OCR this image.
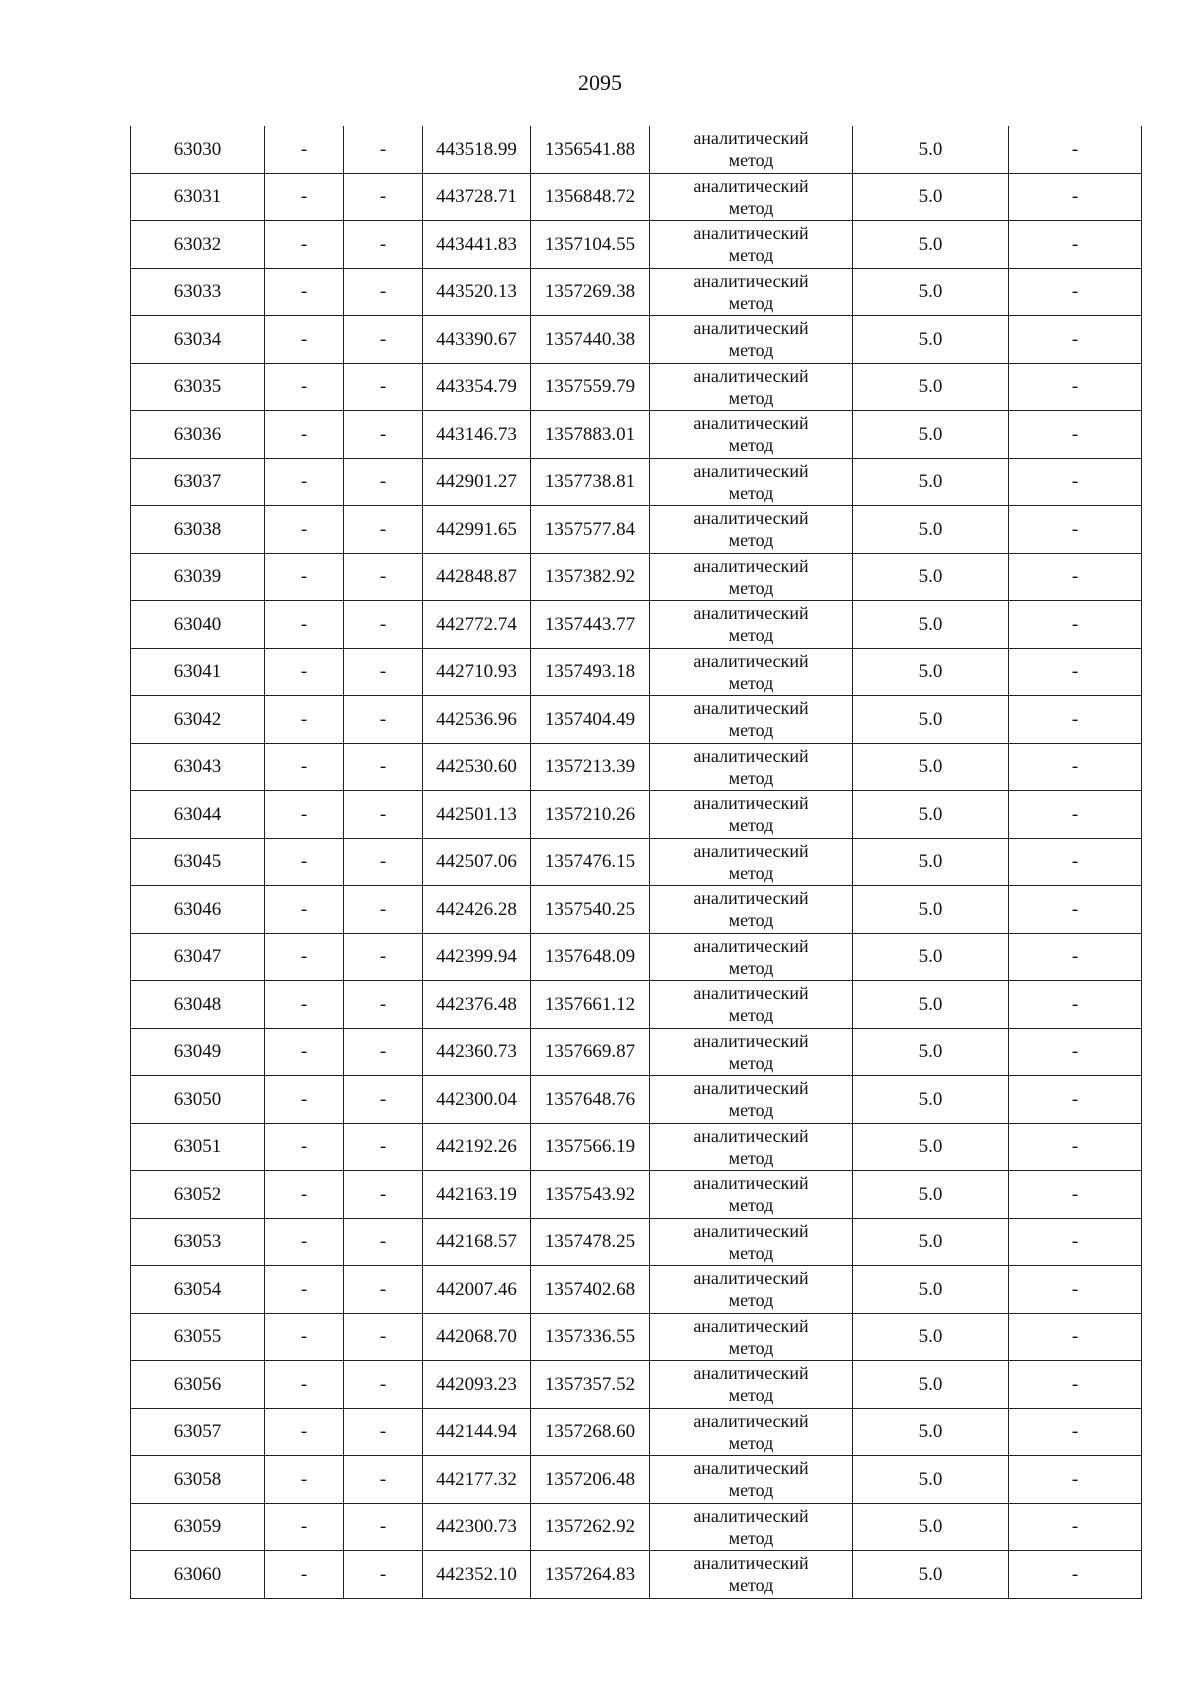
2095
63030	-	-	443518.99	1356541.88	аналитический
метод	5.0	-
63031	-	-	443728.71	1356848.72	аналитический
метод	5.0	-
63032	-	-	443441.83	1357104.55	аналитический
метод	5.0	-
63033	-	-	443520.13	1357269.38	аналитический
метод	5.0	-
63034	-	-	443390.67	1357440.38	аналитический
метод	5.0	-
63035	-	-	443354.79	1357559.79	аналитический
метод	5.0	-
63036	-	-	443146.73	1357883.01	аналитический
метод	5.0	-
63037	-	-	442901.27	1357738.81	аналитический
метод	5.0	-
63038	-	-	442991.65	1357577.84	аналитический
метод	5.0	-
63039	-	-	442848.87	1357382.92	аналитический
метод	5.0	-
63040	-	-	442772.74	1357443.77	аналитический
метод	5.0	-
63041	-	-	442710.93	1357493.18	аналитический
метод	5.0	-
63042	-	-	442536.96	1357404.49	аналитический
метод	5.0	-
63043	-	-	442530.60	1357213.39	аналитический
метод	5.0	-
63044	-	-	442501.13	1357210.26	аналитический
метод	5.0	-
63045	-	-	442507.06	1357476.15	аналитический
метод	5.0	-
63046	-	-	442426.28	1357540.25	аналитический
метод	5.0	-
63047	-	-	442399.94	1357648.09	аналитический
метод	5.0	-
63048	-	-	442376.48	1357661.12	аналитический
метод	5.0	-
63049	-	-	442360.73	1357669.87	аналитический
метод	5.0	-
63050	-	-	442300.04	1357648.76	аналитический
метод	5.0	-
63051	-	-	442192.26	1357566.19	аналитический
метод	5.0	-
63052	-	-	442163.19	1357543.92	аналитический
метод	5.0	-
63053	-	-	442168.57	1357478.25	аналитический
метод	5.0	-
63054	-	-	442007.46	1357402.68	аналитический
метод	5.0	-
63055	-	-	442068.70	1357336.55	аналитический
метод	5.0	-
63056	-	-	442093.23	1357357.52	аналитический
метод	5.0	-
63057	-	-	442144.94	1357268.60	аналитический
метод	5.0	-
63058	-	-	442177.32	1357206.48	аналитический
метод	5.0	-
63059	-	-	442300.73	1357262.92	аналитический
метод	5.0	-
63060	-	-	442352.10	1357264.83	аналитический
метод	5.0	-
